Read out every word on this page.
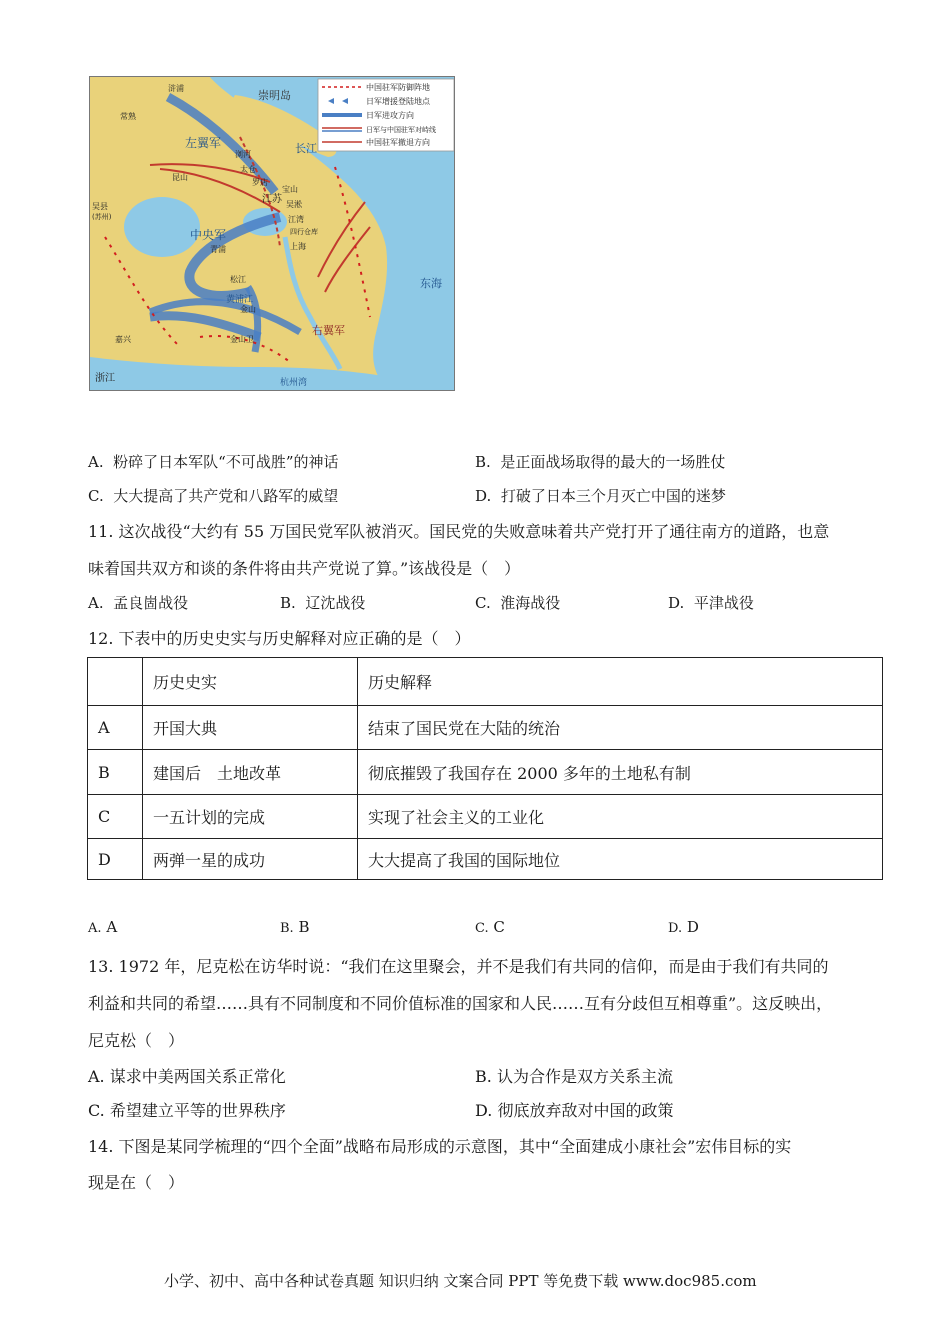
中国驻军防御阵地
日军增援登陆地点
日军进攻方向
日军与中国驻军对峙线
中国驻军撤退方向
崇明岛
长江
左翼军
中央军
右翼军
东海
杭州湾
浙江
江苏
黄浦江
浒浦
常熟
吴县
(苏州)
太仓
浏河
罗店
宝山
吴淞
江湾
四行仓库
上海
昆山
青浦
松江
金山
金山卫
嘉兴
A. 粉碎了日本军队“不可战胜”的神话	B. 是正面战场取得的最大的一场胜仗
C. 大大提高了共产党和八路军的威望	D. 打破了日本三个月灭亡中国的迷梦
11. 这次战役“大约有 55 万国民党军队被消灭。国民党的失败意味着共产党打开了通往南方的道路，也意
味着国共双方和谈的条件将由共产党说了算。”该战役是（　）
A. 孟良崮战役	B. 辽沈战役	C. 淮海战役	D. 平津战役
12. 下表中的历史史实与历史解释对应正确的是（　）
	历史史实	历史解释
A	开国大典	结束了国民党在大陆的统治
B	建国后　土地改革	彻底摧毁了我国存在 2000 多年的土地私有制
C	一五计划的完成	实现了社会主义的工业化
D	两弹一星的成功	大大提高了我国的国际地位
A. A	B. B	C. C	D. D
13. 1972 年，尼克松在访华时说：“我们在这里聚会，并不是我们有共同的信仰，而是由于我们有共同的
利益和共同的希望……具有不同制度和不同价值标准的国家和人民……互有分歧但互相尊重”。这反映出，
尼克松（　）
A. 谋求中美两国关系正常化	B. 认为合作是双方关系主流
C. 希望建立平等的世界秩序	D. 彻底放弃敌对中国的政策
14. 下图是某同学梳理的“四个全面”战略布局形成的示意图，其中“全面建成小康社会”宏伟目标的实
现是在（　）
小学、初中、高中各种试卷真题 知识归纳 文案合同 PPT 等免费下载 www.doc985.com
